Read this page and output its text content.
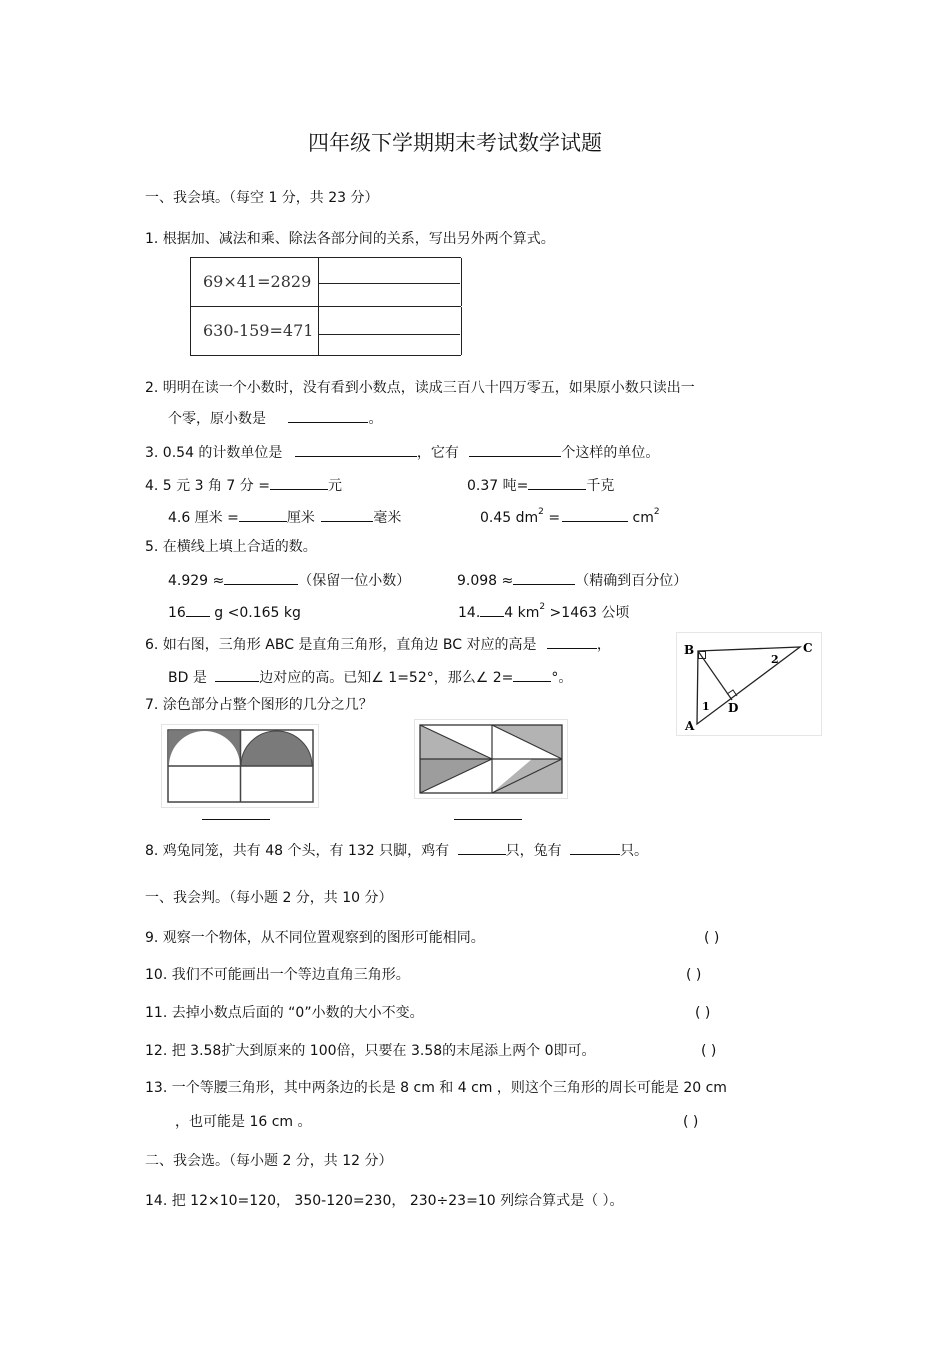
四年级下学期期末考试数学试题
一、我会填。（每空 1 分，共 23 分）
1. 根据加、减法和乘、除法各部分间的关系，写出另外两个算式。
69×41=2829
630-159=471
2. 明明在读一个小数时，没有看到小数点，读成三百八十四万零五，如果原小数只读出一
个零，原小数是	。
3. 0.54 的计数单位是	，它有	个这样的单位。
4. 5 元 3 角 7 分 =	元	0.37 吨=	千克
4.6 厘米 =	厘米	毫米	0.45 $dm^2$ =	$cm^2$
5. 在横线上填上合适的数。
4.929 ≈	（保留一位小数）	9.098 ≈	（精确到百分位）
16 g <0.165 kg	14. 4 $km^2 >1463$ 公顷
6. 如右图，三角形 ABC 是直角三角形，直角边 BC 对应的高是	，
BD 是	边对应的高。已知∠ 1=52°，那么∠ 2=	°。
B	C
A
D
1
2
7. 涂色部分占整个图形的几分之几？
8. 鸡兔同笼，共有 48 个头，有 132 只脚，鸡有	只，兔有	只。
一、我会判。（每小题 2 分，共 10 分）
9. 观察一个物体，从不同位置观察到的图形可能相同。	( )
10. 我们不可能画出一个等边直角三角形。	( )
11. 去掉小数点后面的 “0”小数的大小不变。	( )
12. 把 3.58扩大到原来的 100倍，只要在 3.58的末尾添上两个 0即可。	( )
13. 一个等腰三角形，其中两条边的长是 8 cm 和 4 cm ，则这个三角形的周长可能是 20 cm
，也可能是 16 cm 。	( )
二、我会选。（每小题 2 分，共 12 分）
14. 把 12×10=120， 350-120=230， 230÷23=10 列综合算式是（ ）。
